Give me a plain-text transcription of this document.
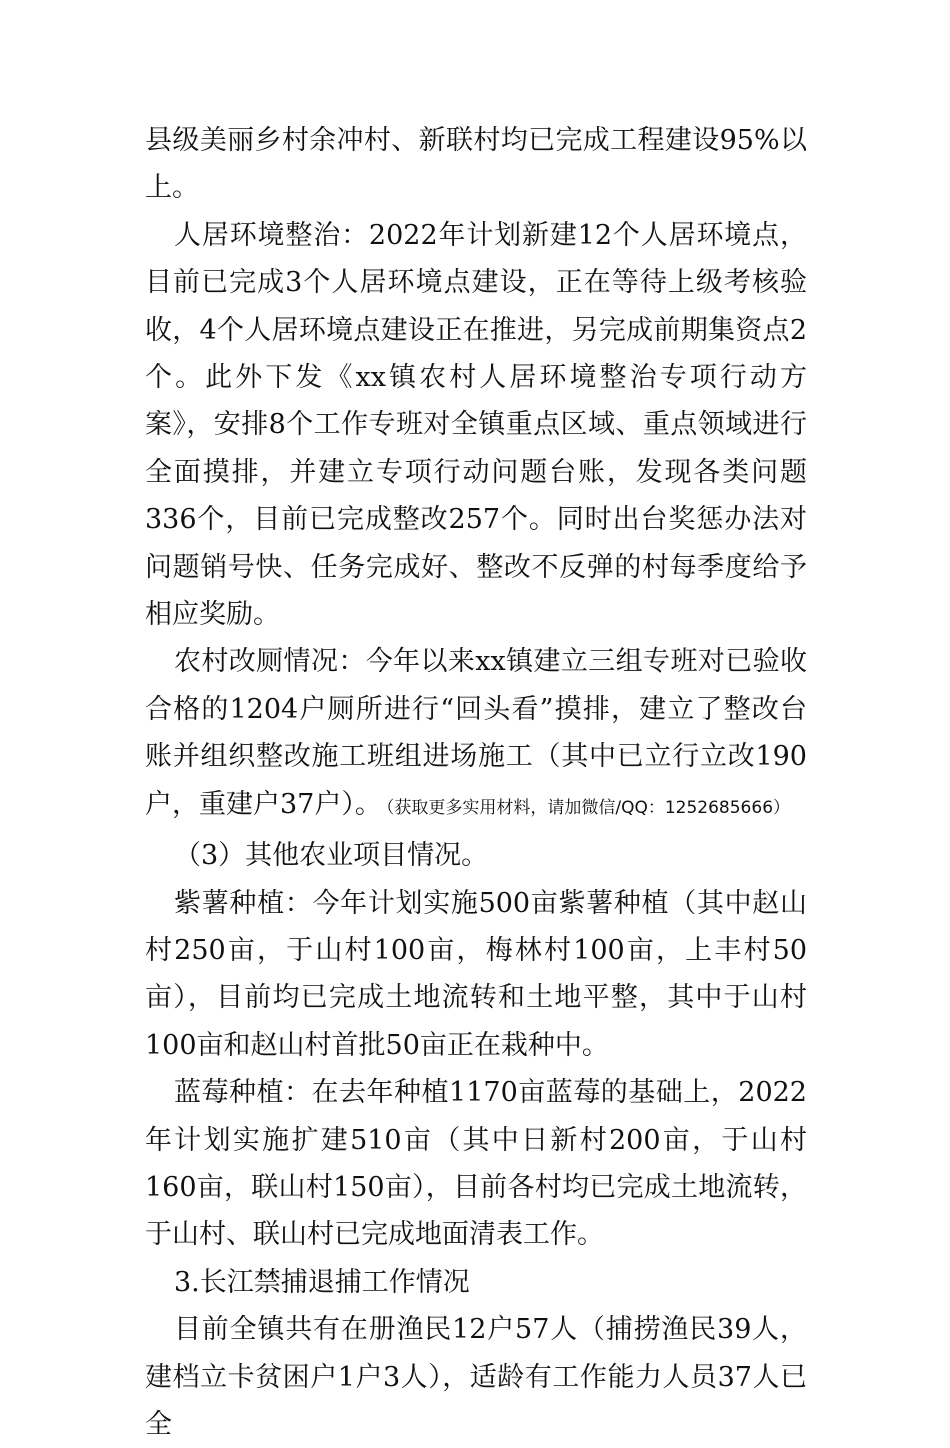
县级美丽乡村余冲村、新联村均已完成工程建设95%以上。

人居环境整治：2022年计划新建12个人居环境点，目前已完成3个人居环境点建设，正在等待上级考核验收，4个人居环境点建设正在推进，另完成前期集资点2个。此外下发《xx镇农村人居环境整治专项行动方案》，安排8个工作专班对全镇重点区域、重点领域进行全面摸排，并建立专项行动问题台账，发现各类问题336个，目前已完成整改257个。同时出台奖惩办法对问题销号快、任务完成好、整改不反弹的村每季度给予相应奖励。

农村改厕情况：今年以来xx镇建立三组专班对已验收合格的1204户厕所进行“回头看”摸排，建立了整改台账并组织整改施工班组进场施工（其中已立行立改190户，重建户37户）。 （获取更多实用材料，请加微信/QQ：1252685666）

（3）其他农业项目情况。

紫薯种植：今年计划实施500亩紫薯种植（其中赵山村250亩，于山村100亩，梅林村100亩，上丰村50亩），目前均已完成土地流转和土地平整，其中于山村100亩和赵山村首批50亩正在栽种中。

蓝莓种植：在去年种植1170亩蓝莓的基础上，2022年计划实施扩建510亩（其中日新村200亩，于山村160亩，联山村150亩），目前各村均已完成土地流转，于山村、联山村已完成地面清表工作。

3.长江禁捕退捕工作情况

目前全镇共有在册渔民12户57人（捕捞渔民39人，建档立卡贫困户1户3人），适龄有工作能力人员37人已全
